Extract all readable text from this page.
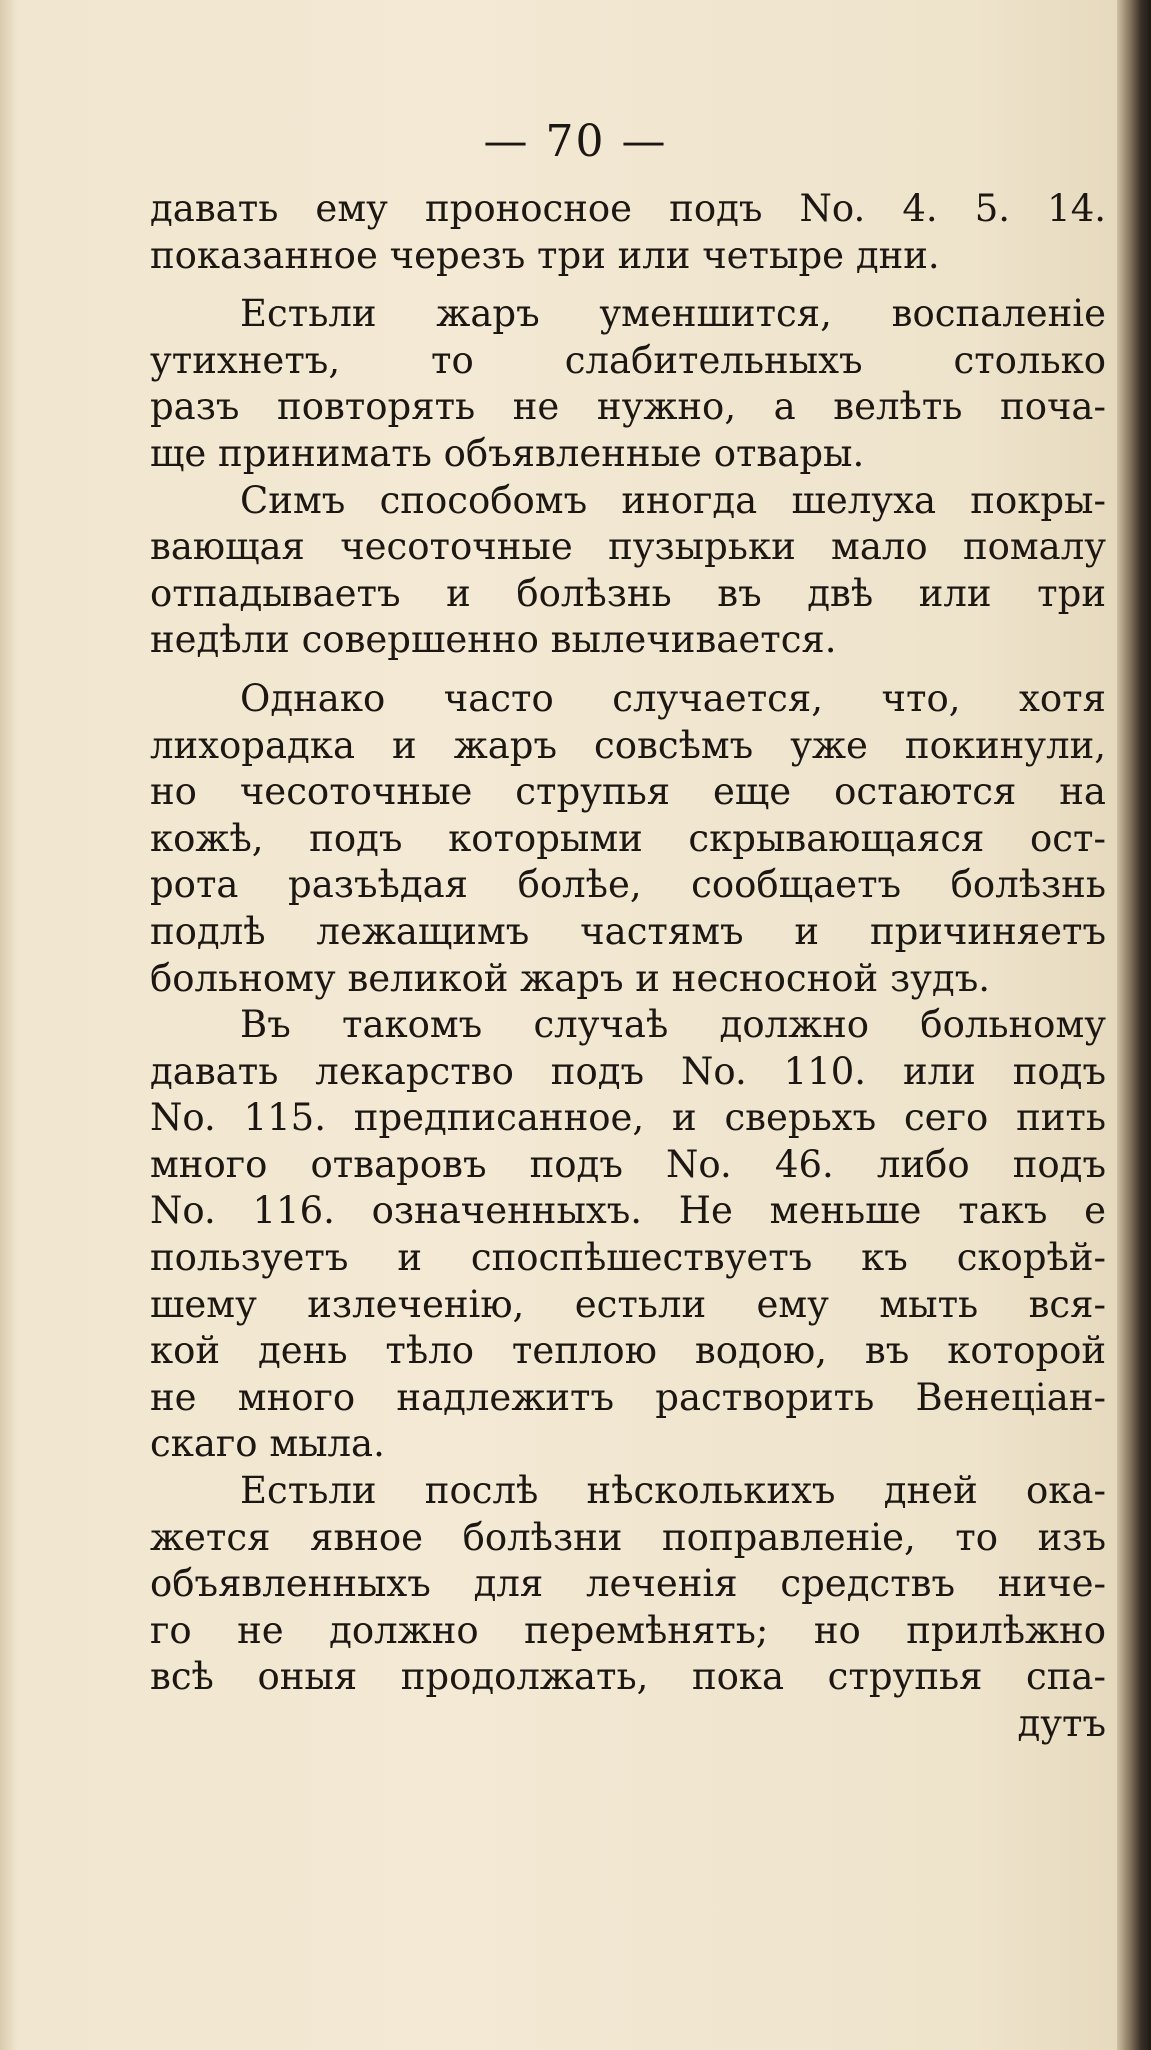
— 70 —
давать ему проносное подъ No. 4. 5. 14.
показанное черезъ три или четыре дни.
Естьли жаръ уменшится, воспаленіе
утихнетъ, то слабительныхъ столько
разъ повторять не нужно, а велѣть поча-
ще принимать объявленные отвары.
Симъ способомъ иногда шелуха покры-
вающая чесоточные пузырьки мало помалу
отпадываетъ и болѣзнь въ двѣ или три
недѣли совершенно вылечивается.
Однако часто случается, что, хотя
лихорадка и жаръ совсѣмъ уже покинули,
но чесоточные струпья еще остаются на
кожѣ, подъ которыми скрывающаяся ост-
рота разъѣдая болѣе, сообщаетъ болѣзнь
подлѣ лежащимъ частямъ и причиняетъ
больному великой жаръ и несносной зудъ.
Въ такомъ случаѣ должно больному
давать лекарство подъ No. 110. или подъ
No. 115. предписанное, и сверьхъ сего пить
много отваровъ подъ No. 46. либо подъ
No. 116. означенныхъ. Не меньше такъ e
пользуетъ и споспѣшествуетъ къ скорѣй-
шему излеченію, естьли ему мыть вся-
кой день тѣло теплою водою, въ которой
не много надлежитъ растворить Венеціан-
скаго мыла.
Естьли послѣ нѣсколькихъ дней ока-
жется явное болѣзни поправленіе, то изъ
объявленныхъ для леченія средствъ ниче-
го не должно перемѣнять; но прилѣжно
всѣ оныя продолжать, пока струпья спа-
дутъ
